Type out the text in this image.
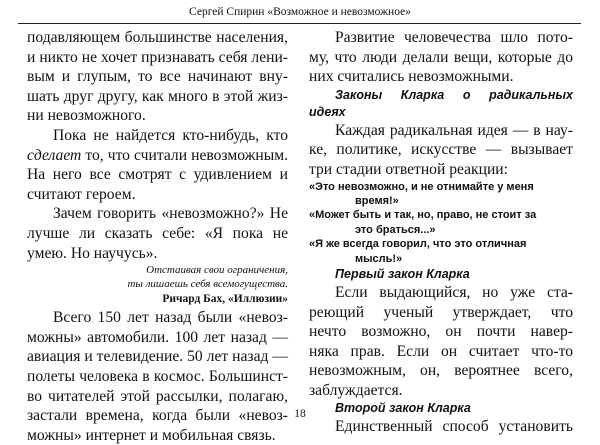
Сергей Спирин «Возможное и невозможное»
подавляющем большинстве населения,
и никто не хочет признавать себя лени-
вым и глупым, то все начинают вну-
шать друг другу, как много в этой жиз-
ни невозможного.
Пока не найдется кто-нибудь, кто
сделает то, что считали невозможным.
На него все смотрят с удивлением и
считают героем.
Зачем говорить «невозможно?» Не
лучше ли сказать себе: «Я пока не
умею. Но научусь».
Отстаивая свои ограничения,
ты лишаешь себя всемогущества.
Ричард Бах, «Иллюзии»
Всего 150 лет назад были «невоз-
можны» автомобили. 100 лет назад —
авиация и телевидение. 50 лет назад —
полеты человека в космос. Большинст-
во читателей этой рассылки, полагаю,
застали времена, когда были «невоз-
можны» интернет и мобильная связь.
Развитие человечества шло пото-
му, что люди делали вещи, которые до
них считались невозможными.
Законы Кларка о радикальных
идеях
Каждая радикальная идея — в нау-
ке, политике, искусстве — вызывает
три стадии ответной реакции:
«Это невозможно, и не отнимайте у меня
время!»
«Может быть и так, но, право, не стоит за
это браться...»
«Я же всегда говорил, что это отличная
мысль!»
Первый закон Кларка
Если выдающийся, но уже ста-
реющий ученый утверждает, что
нечто возможно, он почти навер-
няка прав. Если он считает что-то
невозможным, он, вероятнее всего,
заблуждается.
Второй закон Кларка
Единственный способ установить
18
